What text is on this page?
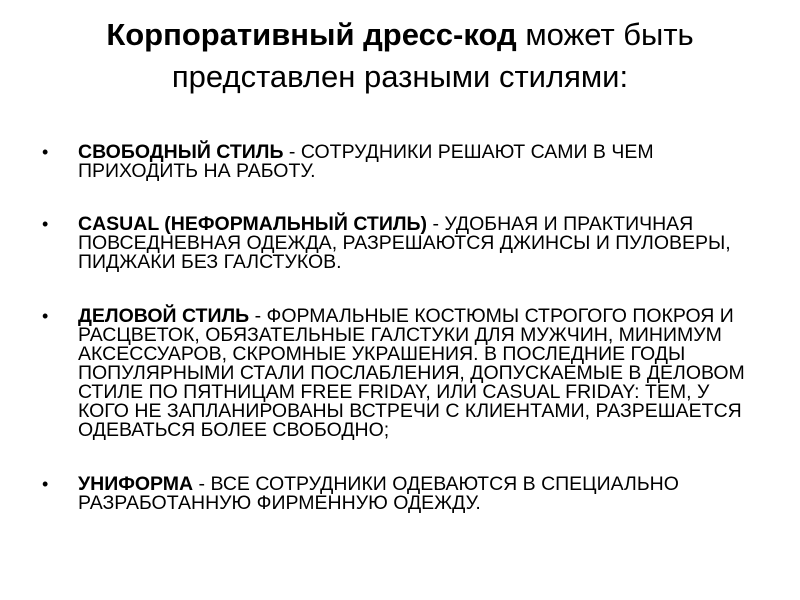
Корпоративный дресс-код может быть представлен разными стилями:
• СВОБОДНЫЙ СТИЛЬ - СОТРУДНИКИ РЕШАЮТ САМИ В ЧЕМ ПРИХОДИТЬ НА РАБОТУ.
• CASUAL (НЕФОРМАЛЬНЫЙ СТИЛЬ) - УДОБНАЯ И ПРАКТИЧНАЯ ПОВСЕДНЕВНАЯ ОДЕЖДА, РАЗРЕШАЮТСЯ ДЖИНСЫ И ПУЛОВЕРЫ, ПИДЖАКИ БЕЗ ГАЛСТУКОВ.
• ДЕЛОВОЙ СТИЛЬ - ФОРМАЛЬНЫЕ КОСТЮМЫ СТРОГОГО ПОКРОЯ И РАСЦВЕТОК, ОБЯЗАТЕЛЬНЫЕ ГАЛСТУКИ ДЛЯ МУЖЧИН, МИНИМУМ АКСЕССУАРОВ, СКРОМНЫЕ УКРАШЕНИЯ. В ПОСЛЕДНИЕ ГОДЫ ПОПУЛЯРНЫМИ СТАЛИ ПОСЛАБЛЕНИЯ, ДОПУСКАЕМЫЕ В ДЕЛОВОМ СТИЛЕ ПО ПЯТНИЦАМ FREE FRIDAY, ИЛИ CASUAL FRIDAY: ТЕМ, У КОГО НЕ ЗАПЛАНИРОВАНЫ ВСТРЕЧИ С КЛИЕНТАМИ, РАЗРЕШАЕТСЯ ОДЕВАТЬСЯ БОЛЕЕ СВОБОДНО;
• УНИФОРМА - ВСЕ СОТРУДНИКИ ОДЕВАЮТСЯ В СПЕЦИАЛЬНО РАЗРАБОТАННУЮ ФИРМЕННУЮ ОДЕЖДУ.
